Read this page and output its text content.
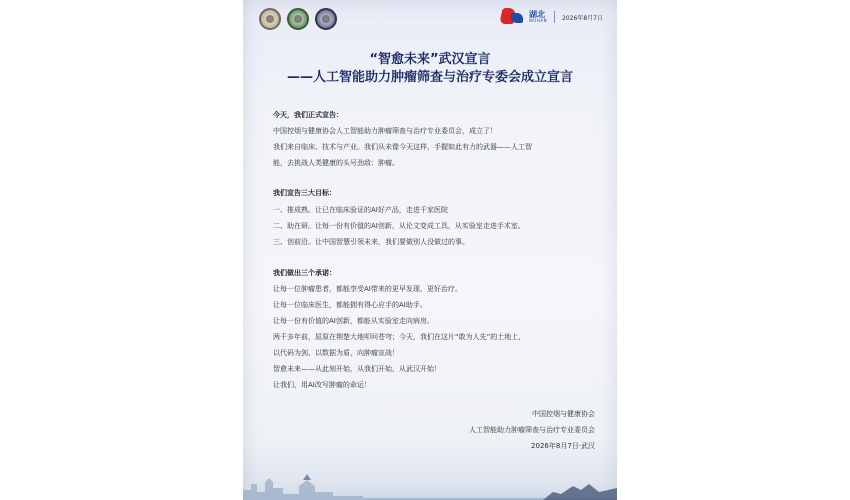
湖北
WUHAN	2026年8月7日
“智愈未来”武汉宣言
——人工智能助力肿瘤筛查与治疗专委会成立宣言
今天，我们正式宣告：
中国控烟与健康协会人工智能助力肿瘤筛查与治疗专业委员会，成立了！
我们来自临床、技术与产业。我们从未像今天这样，手握如此有力的武器——人工智
能，去挑战人类健康的头号劲敌：肿瘤。
我们宣告三大目标：
一、推成熟。让已在临床验证的AI好产品，走进千家医院
二、助在研。让每一份有价值的AI创新，从论文变成工具，从实验室走进手术室。
三、创前沿。让中国智慧引领未来，我们要做别人没做过的事。
我们做出三个承诺：
让每一位肿瘤患者，都能享受AI带来的更早发现、更好治疗。
让每一位临床医生，都能拥有得心应手的AI助手。
让每一份有价值的AI创新，都能从实验室走向病房。
两千多年前，屈原在荆楚大地叩问苍穹；今天，我们在这片“敢为人先”的土地上，
以代码为剑、以数据为盾，向肿瘤宣战！
智愈未来——从此刻开始，从我们开始，从武汉开始！
让我们，用AI改写肿瘤的命运！
中国控烟与健康协会
人工智能助力肿瘤筛查与治疗专业委员会
2026年8月7日·武汉
